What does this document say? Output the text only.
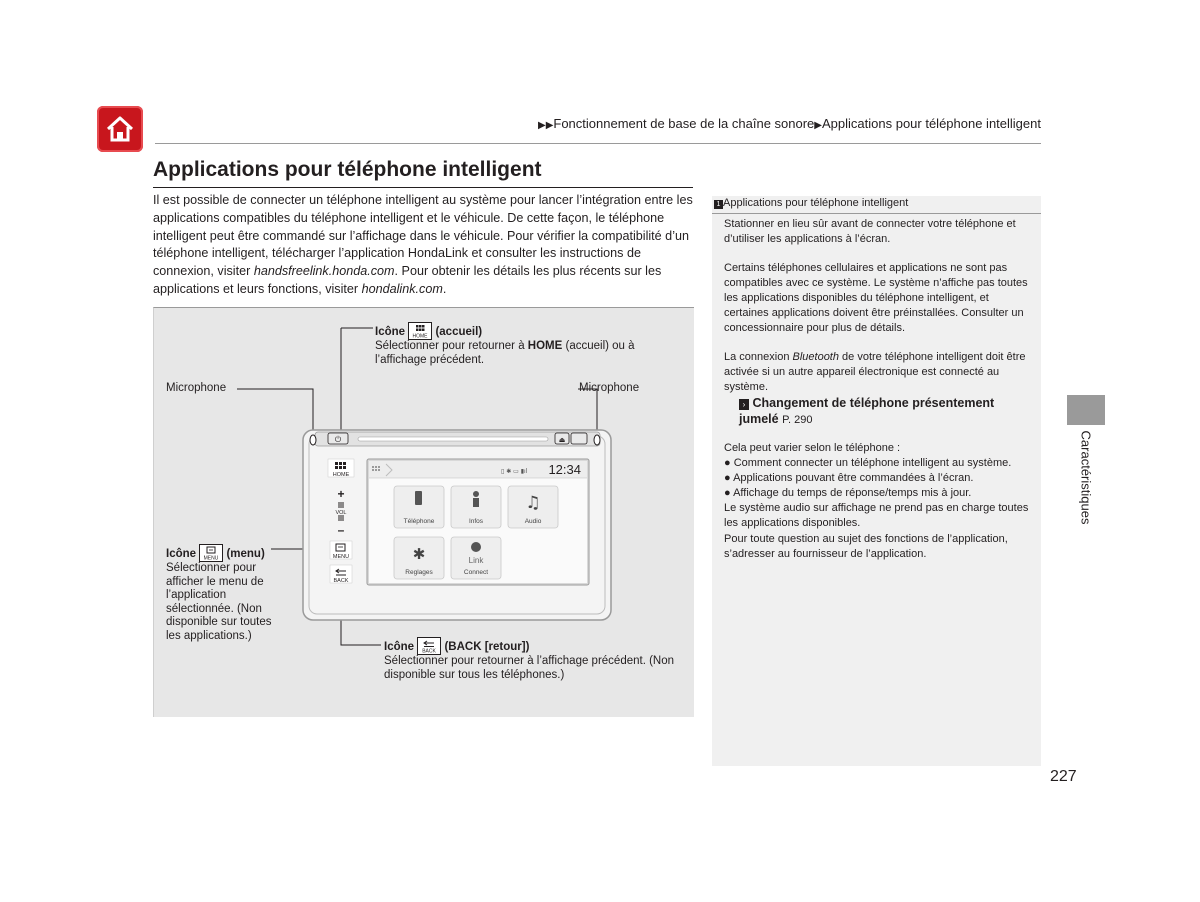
▶▶Fonctionnement de base de la chaîne sonore▶Applications pour téléphone intelligent
Applications pour téléphone intelligent
Il est possible de connecter un téléphone intelligent au système pour lancer l’intégration entre les applications compatibles du téléphone intelligent et le véhicule. De cette façon, le téléphone intelligent peut être commandé sur l’affichage dans le véhicule. Pour vérifier la compatibilité d’un téléphone intelligent, télécharger l’application HondaLink et consulter les instructions de connexion, visiter handsfreelink.honda.com. Pour obtenir les détails les plus récents sur les applications et leurs fonctions, visiter hondalink.com.
⏻	⏏
HOME
+
VOL
–
MENU
BACK
▯ ✱ ▭ ▮ıl 12:34
♫
✱	Link
Téléphone	Infos	Audio
Reglages	Connect
Icône HOME (accueil)
Sélectionner pour retourner à HOME (accueil) ou à l’affichage précédent.
Microphone	Microphone
Icône MENU (menu)
Sélectionner pour afficher le menu de l’application sélectionnée. (Non disponible sur toutes les applications.)
Icône BACK (BACK [retour])
Sélectionner pour retourner à l’affichage précédent. (Non disponible sur tous les téléphones.)
1 Applications pour téléphone intelligent
Stationner en lieu sûr avant de connecter votre téléphone et d’utiliser les applications à l’écran.
Certains téléphones cellulaires et applications ne sont pas compatibles avec ce système. Le système n’affiche pas toutes les applications disponibles du téléphone intelligent, et certaines applications doivent être préinstallées. Consulter un concessionnaire pour plus de détails.
La connexion Bluetooth de votre téléphone intelligent doit être activée si un autre appareil électronique est connecté au système.
› Changement de téléphone présentement jumelé P. 290
Cela peut varier selon le téléphone :
● Comment connecter un téléphone intelligent au système.
● Applications pouvant être commandées à l’écran.
● Affichage du temps de réponse/temps mis à jour.
Le système audio sur affichage ne prend pas en charge toutes les applications disponibles.
Pour toute question au sujet des fonctions de l’application, s’adresser au fournisseur de l’application.
Caractéristiques
227
